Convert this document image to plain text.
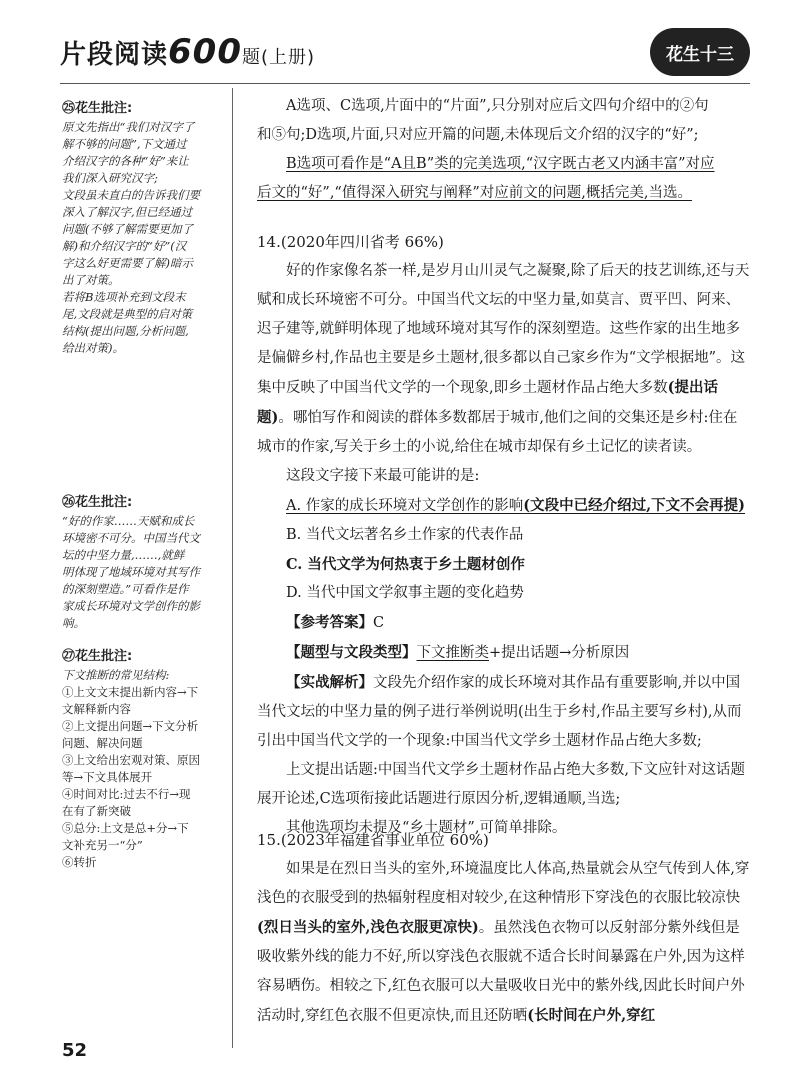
片段阅读600题(上册)	花生十三
㉕花生批注:
原文先指出“我们对汉字了
解不够的问题”,下文通过
介绍汉字的各种“好”来让
我们深入研究汉字;
文段虽未直白的告诉我们要
深入了解汉字,但已经通过
问题(不够了解需要更加了
解)和介绍汉字的“好”(汉
字这么好更需要了解)暗示
出了对策。
若将B选项补充到文段末
尾,文段就是典型的启对策
结构(提出问题,分析问题,
给出对策)。
㉖花生批注:
“好的作家……天赋和成长
环境密不可分。中国当代文
坛的中坚力量,……,就鲜
明体现了地域环境对其写作
的深刻塑造。”可看作是作
家成长环境对文学创作的影
响。
㉗花生批注:
下文推断的常见结构:
①上文文末提出新内容→下
文解释新内容
②上文提出问题→下文分析
问题、解决问题
③上文给出宏观对策、原因
等→下文具体展开
④时间对比:过去不行→现
在有了新突破
⑤总分:上文是总+分→下
文补充另一“分”
⑥转折

A选项、C选项,片面中的“片面”,只分别对应后文四句介绍中的②句

和⑤句;D选项,片面,只对应开篇的问题,未体现后文介绍的汉字的“好”;

B选项可看作是“A且B”类的完美选项,“汉字既古老又内涵丰富”对应

后文的“好”,“值得深入研究与阐释”对应前文的问题,概括完美,当选。

14.(2020年四川省考 66%)

好的作家像名茶一样,是岁月山川灵气之凝聚,除了后天的技艺训练,还与天赋和成长环境密不可分。中国当代文坛的中坚力量,如莫言、贾平凹、阿来、迟子建等,就鲜明体现了地域环境对其写作的深刻塑造。这些作家的出生地多是偏僻乡村,作品也主要是乡土题材,很多都以自己家乡作为“文学根据地”。这集中反映了中国当代文学的一个现象,即乡土题材作品占绝大多数(提出话题)。哪怕写作和阅读的群体多数都居于城市,他们之间的交集还是乡村:住在城市的作家,写关于乡土的小说,给住在城市却保有乡土记忆的读者读。

这段文字接下来最可能讲的是:

A. 作家的成长环境对文学创作的影响(文段中已经介绍过,下文不会再提)

B. 当代文坛著名乡土作家的代表作品

C. 当代文学为何热衷于乡土题材创作

D. 当代中国文学叙事主题的变化趋势

【参考答案】C

【题型与文段类型】下文推断类+提出话题→分析原因

【实战解析】文段先介绍作家的成长环境对其作品有重要影响,并以中国当代文坛的中坚力量的例子进行举例说明(出生于乡村,作品主要写乡村),从而引出中国当代文学的一个现象:中国当代文学乡土题材作品占绝大多数;

上文提出话题:中国当代文学乡土题材作品占绝大多数,下文应针对这话题展开论述,C选项衔接此话题进行原因分析,逻辑通顺,当选;

其他选项均未提及“乡土题材”,可简单排除。

15.(2023年福建省事业单位 60%)

如果是在烈日当头的室外,环境温度比人体高,热量就会从空气传到人体,穿浅色的衣服受到的热辐射程度相对较少,在这种情形下穿浅色的衣服比较凉快(烈日当头的室外,浅色衣服更凉快)。虽然浅色衣物可以反射部分紫外线但是吸收紫外线的能力不好,所以穿浅色衣服就不适合长时间暴露在户外,因为这样容易晒伤。相较之下,红色衣服可以大量吸收日光中的紫外线,因此长时间户外活动时,穿红色衣服不但更凉快,而且还防晒(长时间在户外,穿红

52
